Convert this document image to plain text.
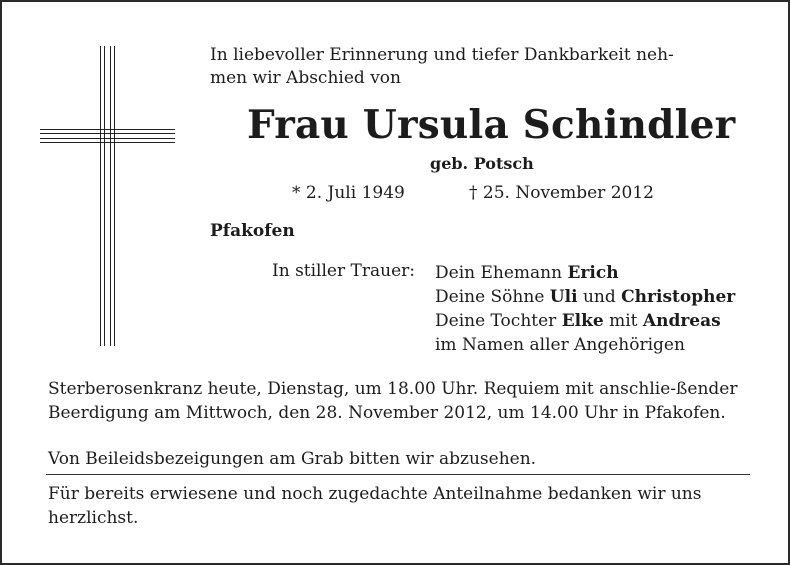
In liebevoller Erinnerung und tiefer Dankbarkeit neh-

men wir Abschied von

Frau Ursula Schindler
geb. Potsch
* 2. Juli 1949	† 25. November 2012
Pfakofen
In stiller Trauer: Dein Ehemann Erich
Deine Söhne Uli und Christopher
Deine Tochter Elke mit Andreas
im Namen aller Angehörigen
Sterberosenkranz heute, Dienstag, um 18.00 Uhr. Requiem mit anschlie-ßender Beerdigung am Mittwoch, den 28. November 2012, um 14.00 Uhr in Pfakofen.
Von Beileidsbezeigungen am Grab bitten wir abzusehen.
Für bereits erwiesene und noch zugedachte Anteilnahme bedanken wir uns herzlichst.
